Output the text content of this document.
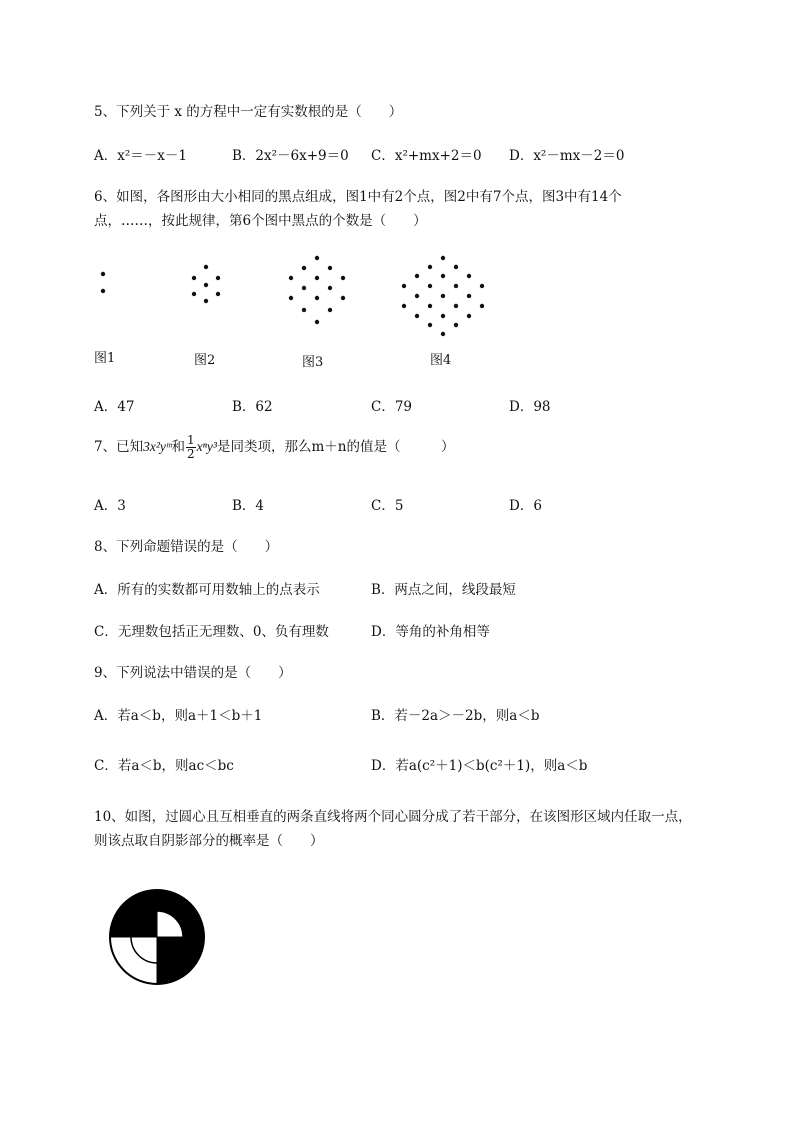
5、下列关于 x 的方程中一定有实数根的是（　　）
A．x²＝－x－1	B．2x²－6x+9＝0 C．x²+mx+2＝0 D．x²－mx－2＝0
6、如图，各图形由大小相同的黑点组成，图1中有2个点，图2中有7个点，图3中有14个
点，……，按此规律，第6个图中黑点的个数是（　　）
图1	图2	图3	图4
A．47	B．62	C．79	D．98
7、已知3x²yᵐ和 $\frac{1}{2} x^ny^3$是同类项，那么m＋n的值是（　　　）
A．3	B．4	C．5	D．6
8、下列命题错误的是（　　）
A．所有的实数都可用数轴上的点表示	B．两点之间，线段最短
C．无理数包括正无理数、0、负有理数	D．等角的补角相等
9、下列说法中错误的是（　　）
A．若a＜b，则a＋1＜b＋1	B．若－2a＞－2b，则a＜b
C．若a＜b，则ac＜bc	D．若a(c²＋1)＜b(c²＋1)，则a＜b
10、如图，过圆心且互相垂直的两条直线将两个同心圆分成了若干部分，在该图形区域内任取一点，
则该点取自阴影部分的概率是（　　）
